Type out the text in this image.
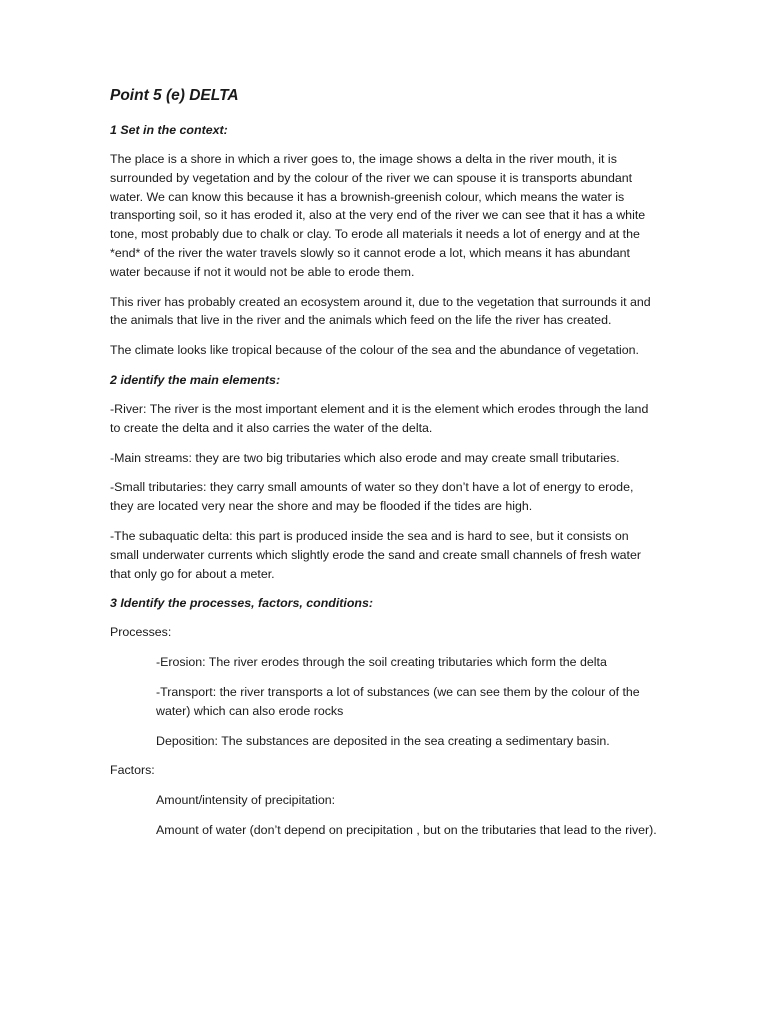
Point 5 (e) DELTA
1 Set in the context:

The place is a shore in which a river goes to, the image shows a delta in the river mouth, it is surrounded by vegetation and by the colour of the river we can spouse it is transports abundant water. We can know this because it has a brownish-greenish colour, which means the water is transporting soil, so it has eroded it, also at the very end of the river we can see that it has a white tone, most probably due to chalk or clay. To erode all materials it needs a lot of energy and at the *end* of the river the water travels slowly so it cannot erode a lot, which means it has abundant water because if not it would not be able to erode them.

This river has probably created an ecosystem around it, due to the vegetation that surrounds it and the animals that live in the river and the animals which feed on the life the river has created.

The climate looks like tropical because of the colour of the sea and the abundance of vegetation.

2 identify the main elements:

-River: The river is the most important element and it is the element which erodes through the land to create the delta and it also carries the water of the delta.

-Main streams: they are two big tributaries which also erode and may create small tributaries.

-Small tributaries: they carry small amounts of water so they don’t have a lot of energy to erode, they are located very near the shore and may be flooded if the tides are high.

-The subaquatic delta: this part is produced inside the sea and is hard to see, but it consists on small underwater currents which slightly erode the sand and create small channels of fresh water that only go for about a meter.

3 Identify the processes, factors, conditions:

Processes:

-Erosion: The river erodes through the soil creating tributaries which form the delta

-Transport: the river transports a lot of substances (we can see them by the colour of the water) which can also erode rocks

Deposition: The substances are deposited in the sea creating a sedimentary basin.

Factors:

Amount/intensity of precipitation:

Amount of water (don’t depend on precipitation , but on the tributaries that lead to the river).
